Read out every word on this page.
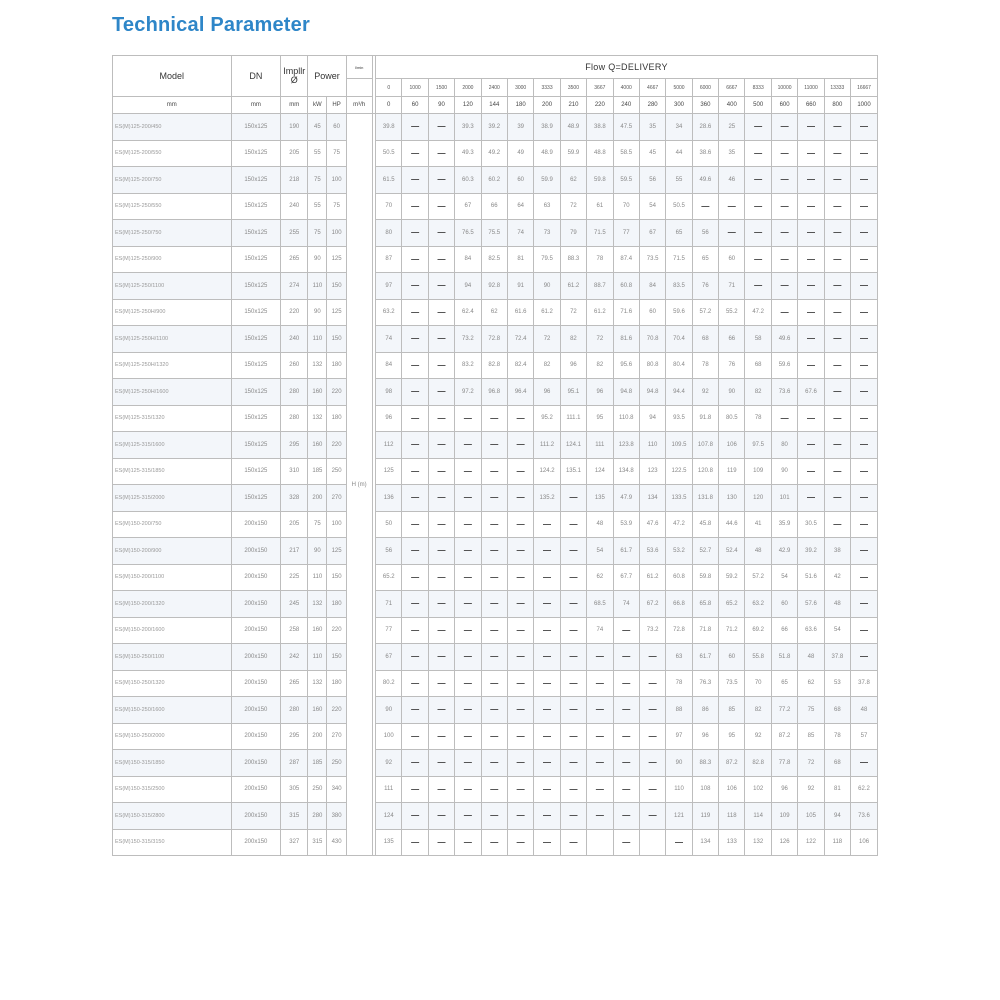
Technical Parameter
Model	DN	Impllr Ø	Power		l/min		Flow Q=DELIVERY																		
							0	1000	1500	2000	2400	3000	3333	3500	3667	4000	4667	5000	6000	6667	8333	10000	11000	13333	16667
mm	mm	mm	kW	HP	m³/h		0	60	90	120	144	180	200	210	220	240	280	300	360	400	500	600	660	800	1000
ES(M)125-200/450	150x125	190	45	60	H (m)		39.8	—	—	39.3	39.2	39	38.9	48.9	38.8	47.5	35	34	28.6	25	—	—	—	—	—
ES(M)125-200/550	150x125	205	55	75			50.5	—	—	49.3	49.2	49	48.9	59.9	48.8	58.5	45	44	38.6	35	—	—	—	—	—
ES(M)125-200/750	150x125	218	75	100			61.5	—	—	60.3	60.2	60	59.9	62	59.8	59.5	56	55	49.6	46	—	—	—	—	—
ES(M)125-250/550	150x125	240	55	75			70	—	—	67	66	64	63	72	61	70	54	50.5	—	—	—	—	—	—	—
ES(M)125-250/750	150x125	255	75	100			80	—	—	76.5	75.5	74	73	79	71.5	77	67	65	56	—	—	—	—	—	—
ES(M)125-250/900	150x125	265	90	125			87	—	—	84	82.5	81	79.5	88.3	78	87.4	73.5	71.5	65	60	—	—	—	—	—
ES(M)125-250/1100	150x125	274	110	150			97	—	—	94	92.8	91	90	61.2	88.7	60.8	84	83.5	76	71	—	—	—	—	—
ES(M)125-250H/900	150x125	220	90	125			63.2	—	—	62.4	62	61.6	61.2	72	61.2	71.6	60	59.6	57.2	55.2	47.2	—	—	—	—
ES(M)125-250H/1100	150x125	240	110	150			74	—	—	73.2	72.8	72.4	72	82	72	81.6	70.8	70.4	68	66	58	49.6	—	—	—
ES(M)125-250H/1320	150x125	260	132	180			84	—	—	83.2	82.8	82.4	82	96	82	95.6	80.8	80.4	78	76	68	59.6	—	—	—
ES(M)125-250H/1600	150x125	280	160	220			98	—	—	97.2	96.8	96.4	96	95.1	96	94.8	94.8	94.4	92	90	82	73.6	67.6	—	—
ES(M)125-315/1320	150x125	280	132	180			96	—	—	—	—	—	95.2	111.1	95	110.8	94	93.5	91.8	80.5	78	—	—	—	—
ES(M)125-315/1600	150x125	295	160	220			112	—	—	—	—	—	111.2	124.1	111	123.8	110	109.5	107.8	106	97.5	80	—	—	—
ES(M)125-315/1850	150x125	310	185	250			125	—	—	—	—	—	124.2	135.1	124	134.8	123	122.5	120.8	119	109	90	—	—	—
ES(M)125-315/2000	150x125	328	200	270			136	—	—	—	—	—	135.2	—	135	47.9	134	133.5	131.8	130	120	101	—	—	—
ES(M)150-200/750	200x150	205	75	100			50	—	—	—	—	—	—	—	48	53.9	47.6	47.2	45.8	44.6	41	35.9	30.5	—	—
ES(M)150-200/900	200x150	217	90	125			56	—	—	—	—	—	—	—	54	61.7	53.6	53.2	52.7	52.4	48	42.9	39.2	38	—
ES(M)150-200/1100	200x150	225	110	150			65.2	—	—	—	—	—	—	—	62	67.7	61.2	60.8	59.8	59.2	57.2	54	51.6	42	—
ES(M)150-200/1320	200x150	245	132	180			71	—	—	—	—	—	—	—	68.5	74	67.2	66.8	65.8	65.2	63.2	60	57.6	48	—
ES(M)150-200/1600	200x150	258	160	220			77	—	—	—	—	—	—	—	74	—	73.2	72.8	71.8	71.2	69.2	66	63.6	54	—
ES(M)150-250/1100	200x150	242	110	150			67	—	—	—	—	—	—	—	—	—	—	63	61.7	60	55.8	51.8	48	37.8	—
ES(M)150-250/1320	200x150	265	132	180			80.2	—	—	—	—	—	—	—	—	—	—	78	76.3	73.5	70	65	62	53	37.8
ES(M)150-250/1600	200x150	280	160	220			90	—	—	—	—	—	—	—	—	—	—	88	86	85	82	77.2	75	68	48
ES(M)150-250/2000	200x150	295	200	270			100	—	—	—	—	—	—	—	—	—	—	97	96	95	92	87.2	85	78	57
ES(M)150-315/1850	200x150	287	185	250			92	—	—	—	—	—	—	—	—	—	—	90	88.3	87.2	82.8	77.8	72	68	—
ES(M)150-315/2500	200x150	305	250	340			111	—	—	—	—	—	—	—	—	—	—	110	108	106	102	96	92	81	62.2
ES(M)150-315/2800	200x150	315	280	380			124	—	—	—	—	—	—	—	—	—	—	121	119	118	114	109	105	94	73.6
ES(M)150-315/3150	200x150	327	315	430			135	—	—	—	—	—	—	—		—		—	134	133	132	126	122	118	106
